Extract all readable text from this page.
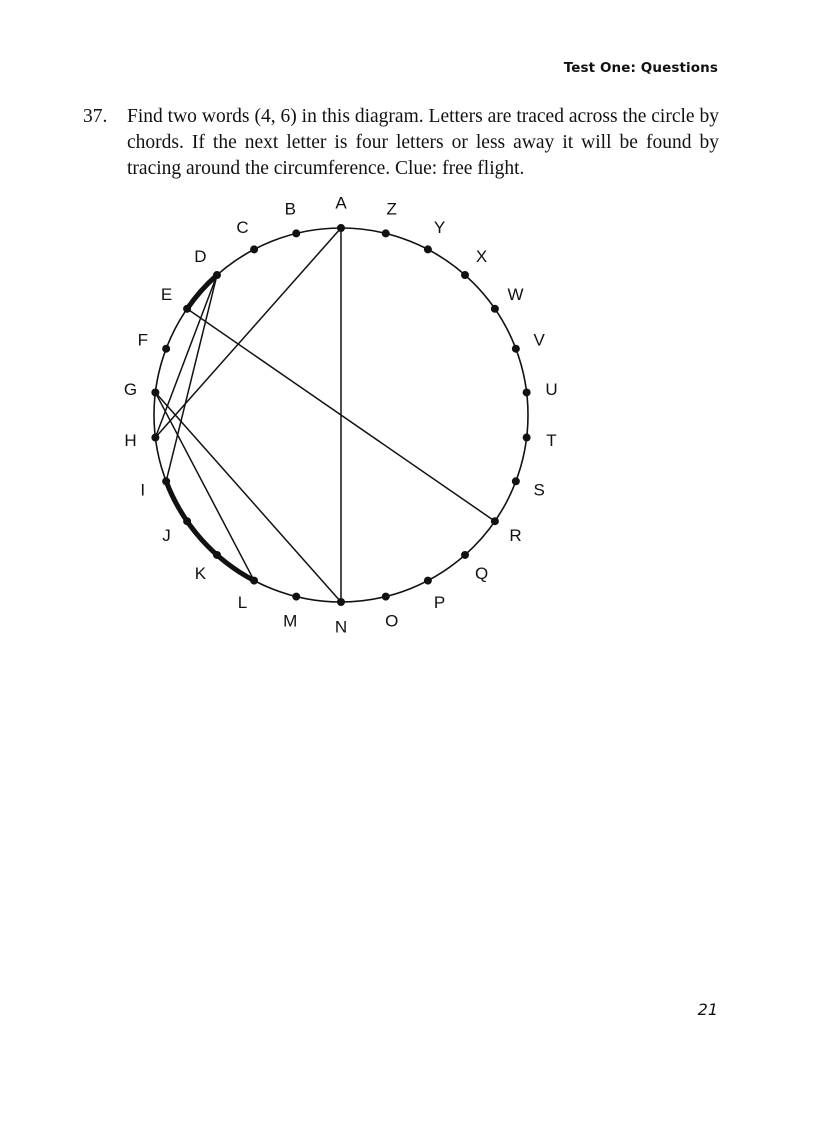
Test One: Questions
37. Find two words (4, 6) in this diagram. Letters are traced across the circle by chords. If the next letter is four letters or less away it will be found by tracing around the circumference. Clue: free flight.
A
B
C
D
E
F
G
H
I
J
K
L
M N O
P
Q
R
S
T
U
V
W
X
Y
Z
21
